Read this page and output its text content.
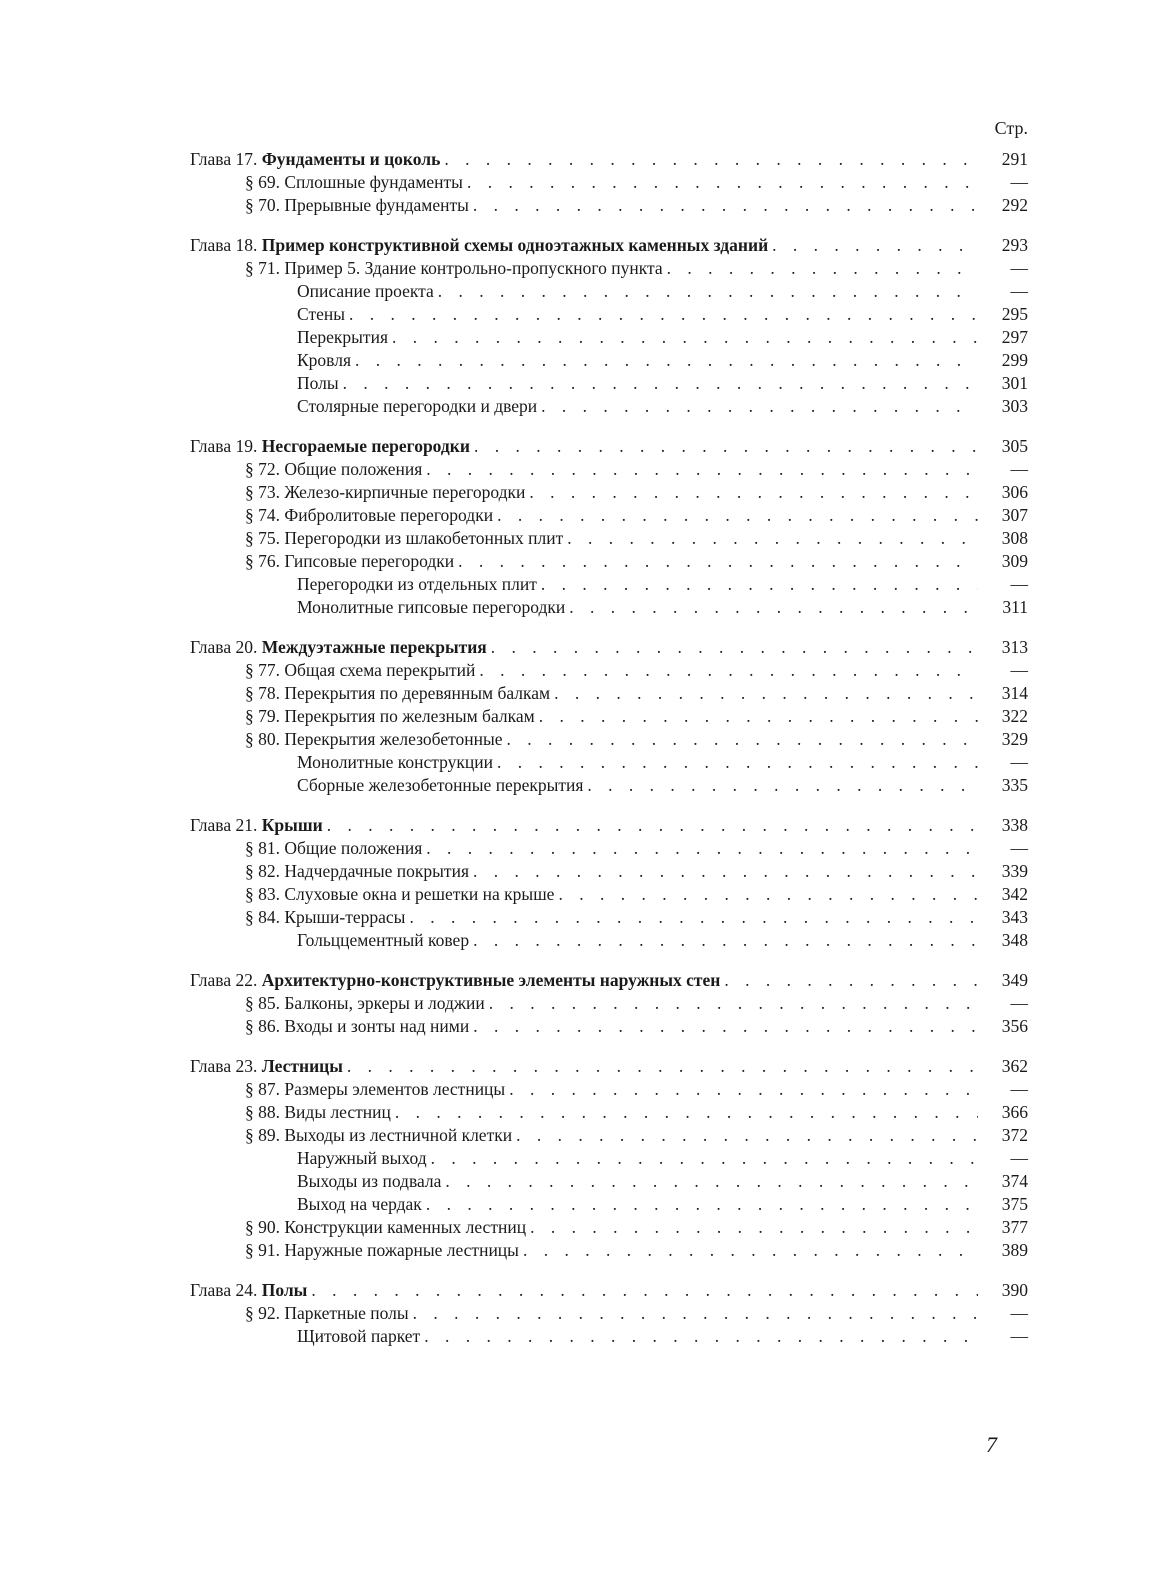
Стр.
Глава 17. Фундаменты и цоколь . . .	291
§ 69. Сплошные фундаменты . . .	—
§ 70. Прерывные фундаменты . . .	292
Глава 18. Пример конструктивной схемы одноэтажных каменных зданий . . .	293
§ 71. Пример 5. Здание контрольно-пропускного пункта . . .	—
Описание проекта . . .	—
Стены . . .	295
Перекрытия . . .	297
Кровля . . .	299
Полы . . .	301
Столярные перегородки и двери . . .	303
Глава 19. Несгораемые перегородки . . .	305
§ 72. Общие положения . . .	—
§ 73. Железо-кирпичные перегородки . . .	306
§ 74. Фибролитовые перегородки . . .	307
§ 75. Перегородки из шлакобетонных плит . . .	308
§ 76. Гипсовые перегородки . . .	309
Перегородки из отдельных плит . . .	—
Монолитные гипсовые перегородки . . .	311
Глава 20. Междуэтажные перекрытия . . .	313
§ 77. Общая схема перекрытий . . .	—
§ 78. Перекрытия по деревянным балкам . . .	314
§ 79. Перекрытия по железным балкам . . .	322
§ 80. Перекрытия железобетонные . . .	329
Монолитные конструкции . . .	—
Сборные железобетонные перекрытия . . .	335
Глава 21. Крыши . . .	338
§ 81. Общие положения . . .	—
§ 82. Надчердачные покрытия . . .	339
§ 83. Слуховые окна и решетки на крыше . . .	342
§ 84. Крыши-террасы . . .	343
Гольццементный ковер . . .	348
Глава 22. Архитектурно-конструктивные элементы наружных стен . . .	349
§ 85. Балконы, эркеры и лоджии . . .	—
§ 86. Входы и зонты над ними . . .	356
Глава 23. Лестницы . . .	362
§ 87. Размеры элементов лестницы . . .	—
§ 88. Виды лестниц . . .	366
§ 89. Выходы из лестничной клетки . . .	372
Наружный выход . . .	—
Выходы из подвала . . .	374
Выход на чердак . . .	375
§ 90. Конструкции каменных лестниц . . .	377
§ 91. Наружные пожарные лестницы . . .	389
Глава 24. Полы . . .	390
§ 92. Паркетные полы . . .	—
Щитовой паркет . . .	—
7
